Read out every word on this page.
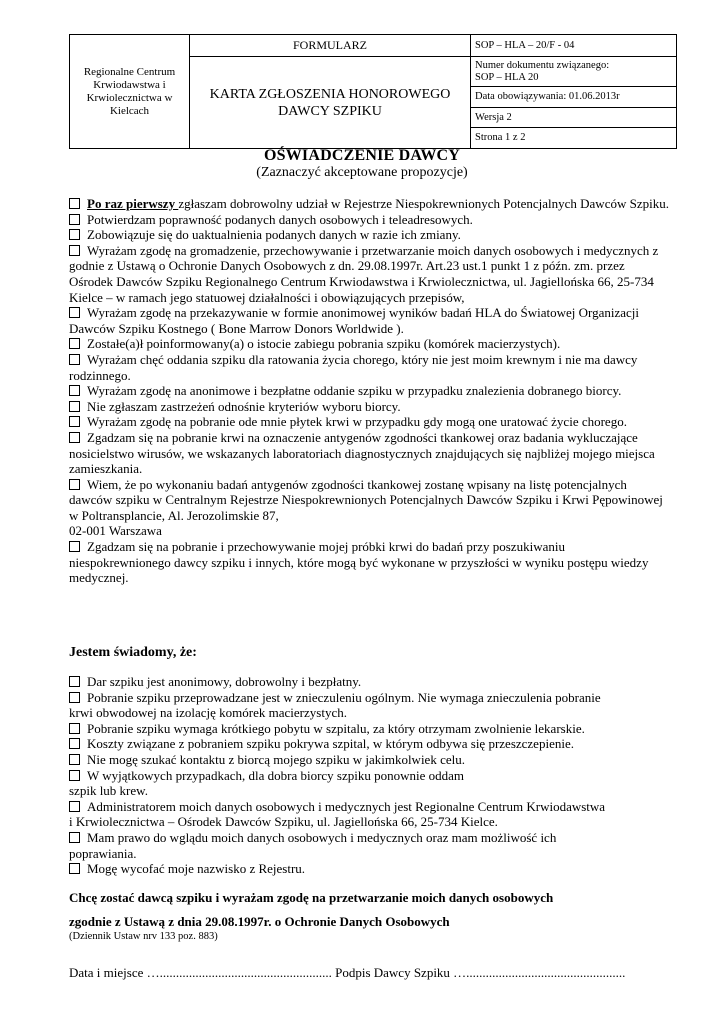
Regionalne Centrum Krwiodawstwa i Krwiolecznictwa w Kielcach	FORMULARZ	SOP – HLA – 20/F - 04
	KARTA ZGŁOSZENIA HONOROWEGO DAWCY SZPIKU	Numer dokumentu związanego:
SOP – HLA 20

		Data obowiązywania: 01.06.2013r
		Wersja 2
		Strona 1 z 2
OŚWIADCZENIE DAWCY
(Zaznaczyć akceptowane propozycje)
Po raz pierwszy zgłaszam dobrowolny udział w Rejestrze Niespokrewnionych Potencjalnych Dawców Szpiku.
Potwierdzam poprawność podanych danych osobowych i teleadresowych.
Zobowiązuje się do uaktualnienia podanych danych w razie ich zmiany.
Wyrażam zgodę na gromadzenie, przechowywanie i przetwarzanie moich danych osobowych i medycznych z godnie z Ustawą o Ochronie Danych Osobowych z dn. 29.08.1997r. Art.23 ust.1 punkt 1 z późn. zm. przez Ośrodek Dawców Szpiku Regionalnego Centrum Krwiodawstwa i Krwiolecznictwa, ul. Jagiellońska 66, 25-734 Kielce – w ramach jego statuowej działalności i obowiązujących przepisów,
Wyrażam zgodę na przekazywanie w formie anonimowej wyników badań HLA do Światowej Organizacji Dawców Szpiku Kostnego ( Bone Marrow Donors Worldwide ).
Zostałe(a)ł poinformowany(a) o istocie zabiegu pobrania szpiku (komórek macierzystych).
Wyrażam chęć oddania szpiku dla ratowania życia chorego, który nie jest moim krewnym i nie ma dawcy rodzinnego.
Wyrażam zgodę na anonimowe i bezpłatne oddanie szpiku w przypadku znalezienia dobranego biorcy.
Nie zgłaszam zastrzeżeń odnośnie kryteriów wyboru biorcy.
Wyrażam zgodę na pobranie ode mnie płytek krwi w przypadku gdy mogą one uratować życie chorego.
Zgadzam się na pobranie krwi na oznaczenie antygenów zgodności tkankowej oraz badania wykluczające nosicielstwo wirusów, we wskazanych laboratoriach diagnostycznych znajdujących się najbliżej mojego miejsca zamieszkania.
Wiem, że po wykonaniu badań antygenów zgodności tkankowej zostanę wpisany na listę potencjalnych dawców szpiku w Centralnym Rejestrze Niespokrewnionych Potencjalnych Dawców Szpiku i Krwi Pępowinowej w Poltransplancie, Al. Jerozolimskie 87,
02-001 Warszawa
Zgadzam się na pobranie i przechowywanie mojej próbki krwi do badań przy poszukiwaniu niespokrewnionego dawcy szpiku i innych, które mogą być wykonane w przyszłości w wyniku postępu wiedzy medycznej.
Jestem świadomy, że:
Dar szpiku jest anonimowy, dobrowolny i bezpłatny.
Pobranie szpiku przeprowadzane jest w znieczuleniu ogólnym. Nie wymaga znieczulenia pobranie
krwi obwodowej na izolację komórek macierzystych.
Pobranie szpiku wymaga krótkiego pobytu w szpitalu, za który otrzymam zwolnienie lekarskie.
Koszty związane z pobraniem szpiku pokrywa szpital, w którym odbywa się przeszczepienie.
Nie mogę szukać kontaktu z biorcą mojego szpiku w jakimkolwiek celu.
W wyjątkowych przypadkach, dla dobra biorcy szpiku ponownie oddam
szpik lub krew.
Administratorem moich danych osobowych i medycznych jest Regionalne Centrum Krwiodawstwa
i Krwiolecznictwa – Ośrodek Dawców Szpiku, ul. Jagiellońska 66, 25-734 Kielce.
Mam prawo do wglądu moich danych osobowych i medycznych oraz mam możliwość ich
poprawiania.
Mogę wycofać moje nazwisko z Rejestru.
Chcę zostać dawcą szpiku i wyrażam zgodę na przetwarzanie moich danych osobowych
zgodnie z Ustawą z dnia 29.08.1997r. o Ochronie Danych Osobowych
(Dziennik Ustaw nrv 133 poz. 883)
Data i miejsce …..................................................... Podpis Dawcy Szpiku ….................................................
